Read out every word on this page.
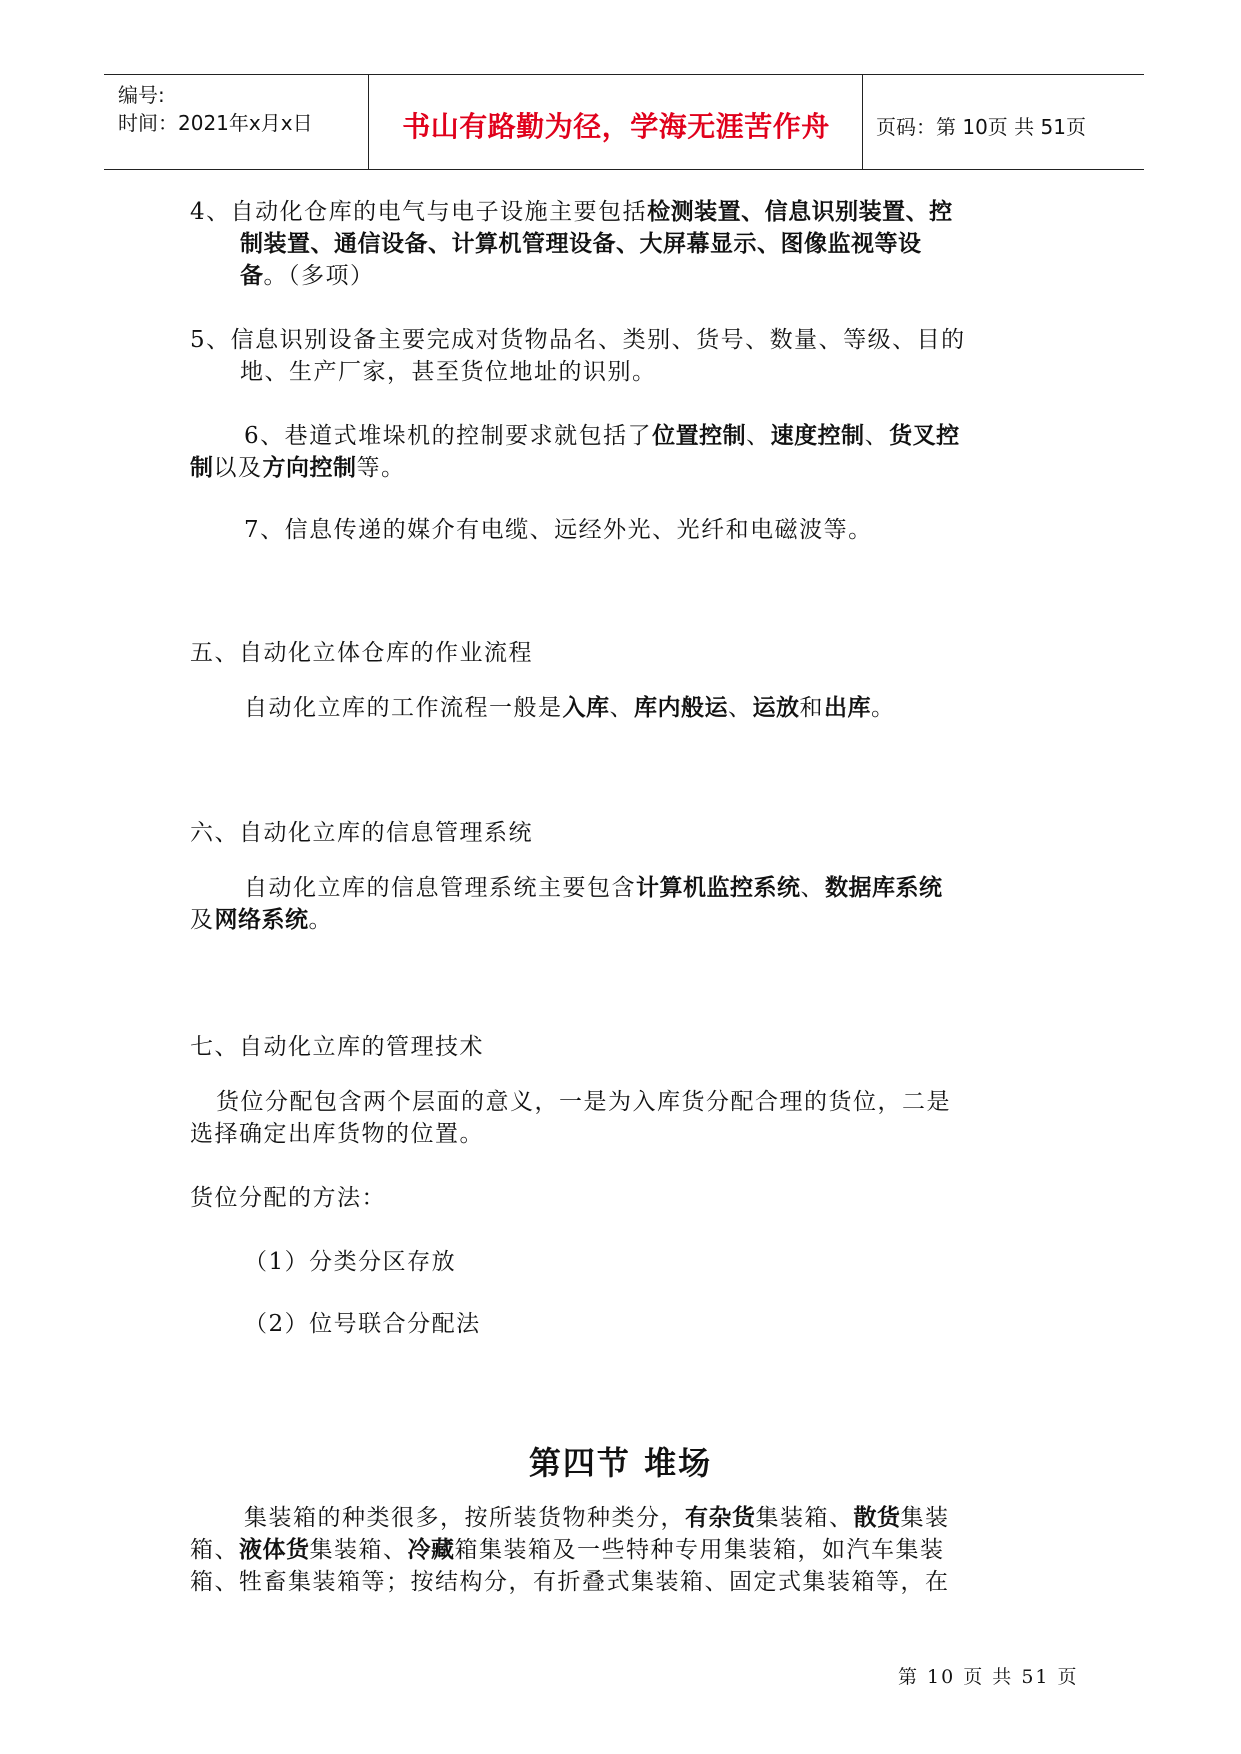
编号:
时间：2021年x月x日	书山有路勤为径，学海无涯苦作舟	页码：第 10页 共 51页
4、自动化仓库的电气与电子设施主要包括检测装置、信息识别装置、控
制装置、通信设备、计算机管理设备、大屏幕显示、图像监视等设
备。（多项）
5、信息识别设备主要完成对货物品名、类别、货号、数量、等级、目的
地、生产厂家，甚至货位地址的识别。
6、巷道式堆垛机的控制要求就包括了位置控制、速度控制、货叉控
制以及方向控制等。
7、信息传递的媒介有电缆、远经外光、光纤和电磁波等。
五、自动化立体仓库的作业流程
自动化立库的工作流程一般是入库、库内般运、运放和出库。
六、自动化立库的信息管理系统
自动化立库的信息管理系统主要包含计算机监控系统、数据库系统
及网络系统。
七、自动化立库的管理技术
货位分配包含两个层面的意义，一是为入库货分配合理的货位，二是
选择确定出库货物的位置。
货位分配的方法：
（1）分类分区存放
（2）位号联合分配法
第四节 堆场
集装箱的种类很多，按所装货物种类分，有杂货集装箱、散货集装
箱、液体货集装箱、冷藏箱集装箱及一些特种专用集装箱，如汽车集装
箱、牲畜集装箱等；按结构分，有折叠式集装箱、固定式集装箱等，在
第 10 页 共 51 页
